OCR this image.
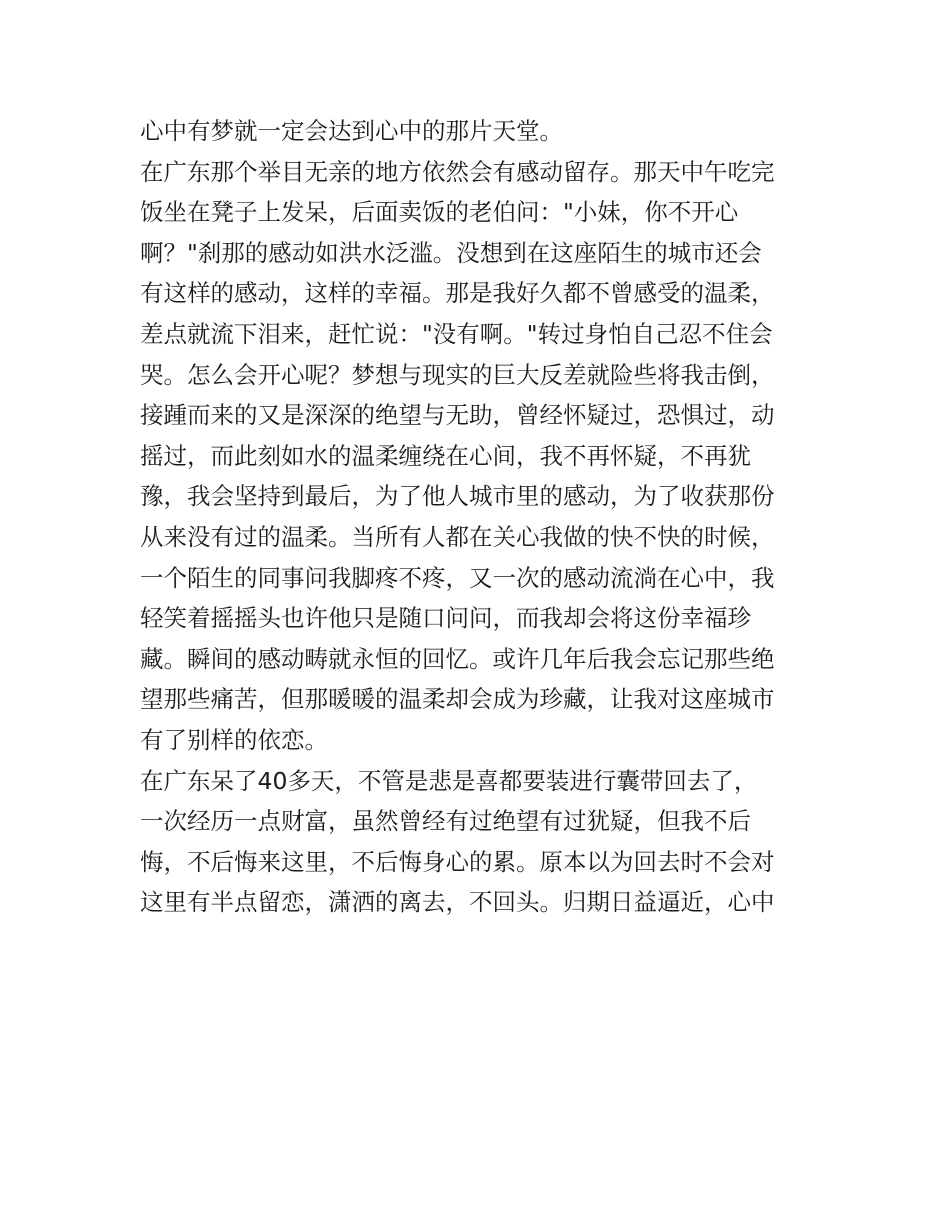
心中有梦就一定会达到心中的那片天堂。
在广东那个举目无亲的地方依然会有感动留存。那天中午吃完
饭坐在凳子上发呆，后面卖饭的老伯问："小妹，你不开心
啊？"刹那的感动如洪水泛滥。没想到在这座陌生的城市还会
有这样的感动，这样的幸福。那是我好久都不曾感受的温柔，
差点就流下泪来，赶忙说："没有啊。"转过身怕自己忍不住会
哭。怎么会开心呢？梦想与现实的巨大反差就险些将我击倒，
接踵而来的又是深深的绝望与无助，曾经怀疑过，恐惧过，动
摇过，而此刻如水的温柔缠绕在心间，我不再怀疑，不再犹
豫，我会坚持到最后，为了他人城市里的感动，为了收获那份
从来没有过的温柔。当所有人都在关心我做的快不快的时候，
一个陌生的同事问我脚疼不疼，又一次的感动流淌在心中，我
轻笑着摇摇头也许他只是随口问问，而我却会将这份幸福珍
藏。瞬间的感动畴就永恒的回忆。或许几年后我会忘记那些绝
望那些痛苦，但那暖暖的温柔却会成为珍藏，让我对这座城市
有了别样的依恋。
在广东呆了40多天，不管是悲是喜都要装进行囊带回去了，
一次经历一点财富，虽然曾经有过绝望有过犹疑，但我不后
悔，不后悔来这里，不后悔身心的累。原本以为回去时不会对
这里有半点留恋，潇洒的离去，不回头。归期日益逼近，心中
